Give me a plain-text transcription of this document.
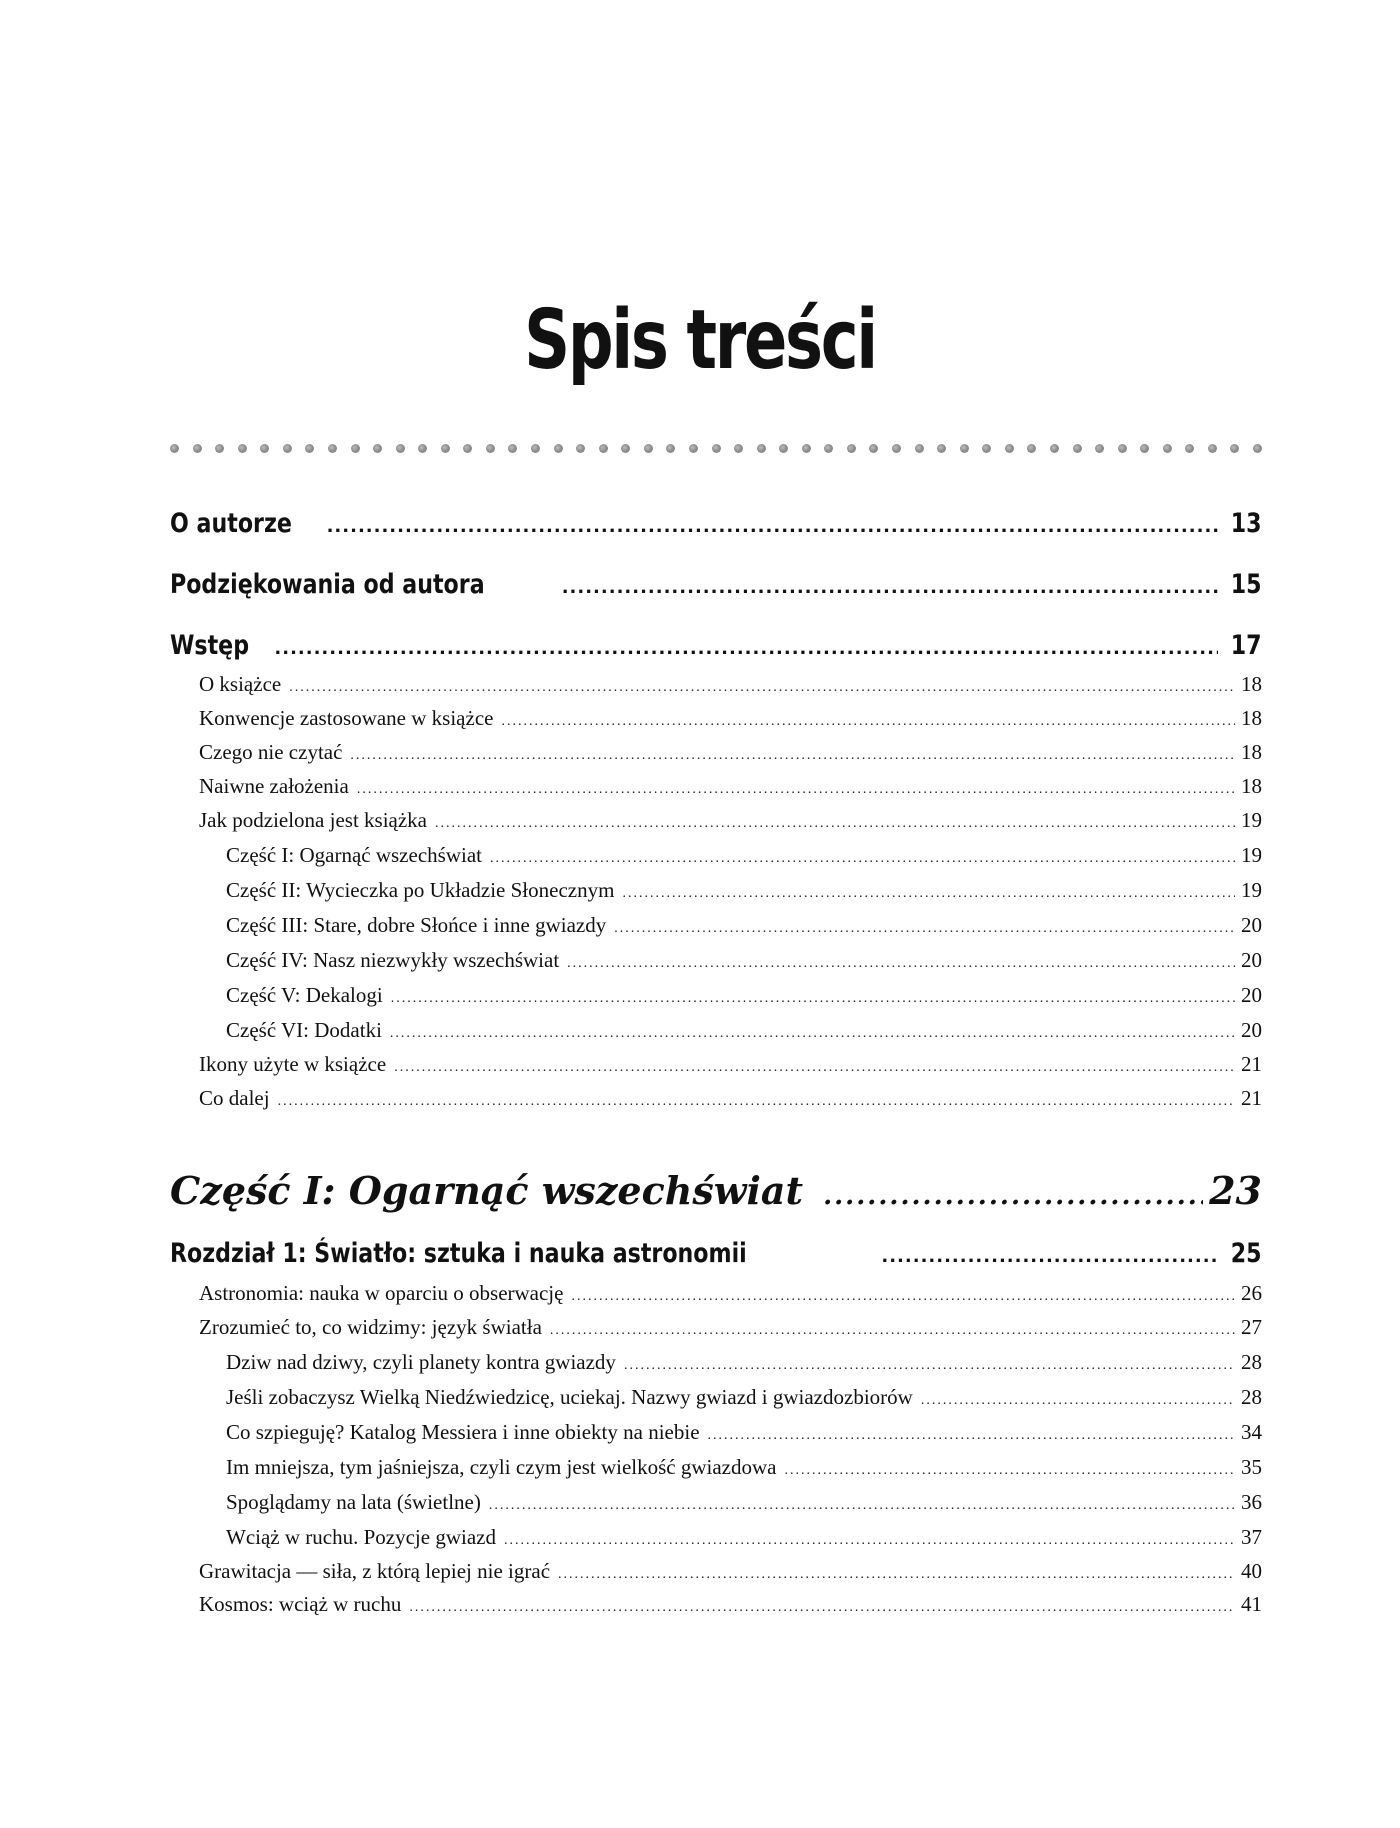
Spis treści
O autorze .....	13
Podziękowania od autora .....	15
Wstęp .....	17
O książce .....	18
Konwencje zastosowane w książce .....	18
Czego nie czytać .....	18
Naiwne założenia .....	18
Jak podzielona jest książka .....	19
Część I: Ogarnąć wszechświat .....	19
Część II: Wycieczka po Układzie Słonecznym .....	19
Część III: Stare, dobre Słońce i inne gwiazdy .....	20
Część IV: Nasz niezwykły wszechświat .....	20
Część V: Dekalogi .....	20
Część VI: Dodatki .....	20
Ikony użyte w książce .....	21
Co dalej .....	21
Część I: Ogarnąć wszechświat .....	23
Rozdział 1: Światło: sztuka i nauka astronomii .....	25
Astronomia: nauka w oparciu o obserwację .....	26
Zrozumieć to, co widzimy: język światła .....	27
Dziw nad dziwy, czyli planety kontra gwiazdy .....	28
Jeśli zobaczysz Wielką Niedźwiedzicę, uciekaj. Nazwy gwiazd i gwiazdozbiorów .....	28
Co szpieguję? Katalog Messiera i inne obiekty na niebie .....	34
Im mniejsza, tym jaśniejsza, czyli czym jest wielkość gwiazdowa .....	35
Spoglądamy na lata (świetlne) .....	36
Wciąż w ruchu. Pozycje gwiazd .....	37
Grawitacja — siła, z którą lepiej nie igrać .....	40
Kosmos: wciąż w ruchu .....	41
